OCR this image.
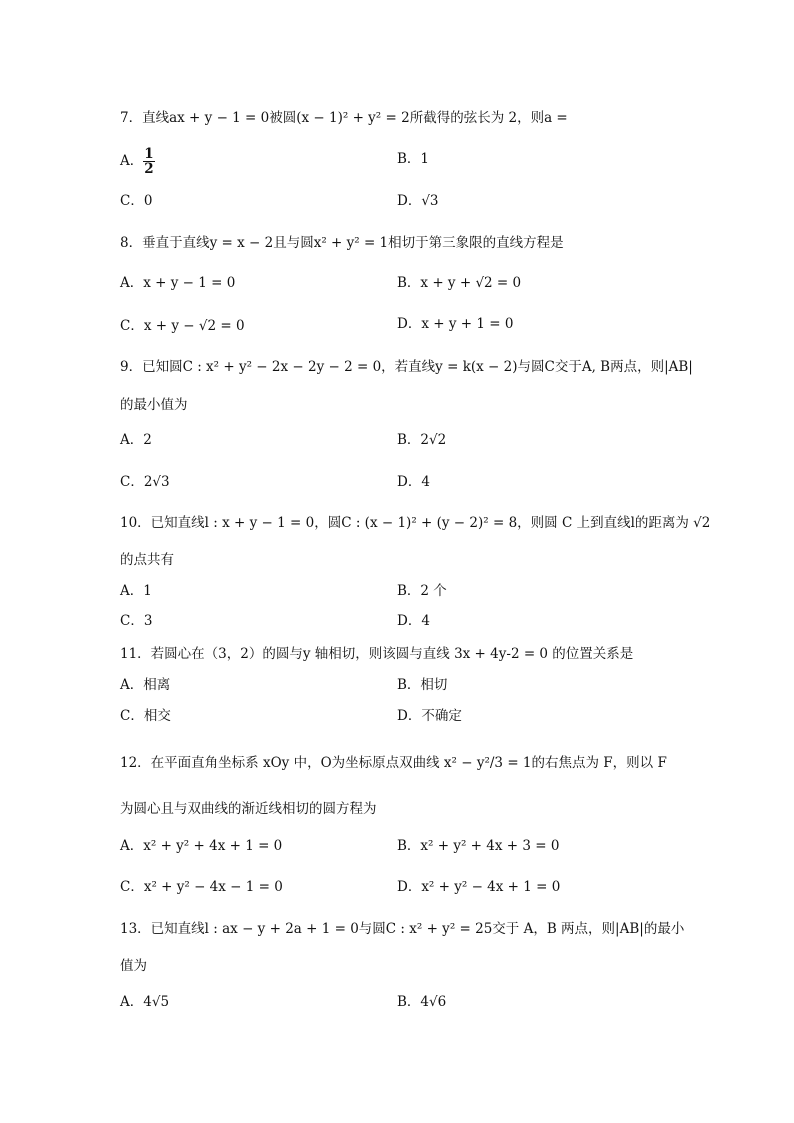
7．直线ax + y − 1 = 0被圆(x − 1)² + y² = 2所截得的弦长为 2，则a =
A． $\frac{1}{2}$	B．1
C．0	D．√3
8．垂直于直线y = x − 2且与圆x² + y² = 1相切于第三象限的直线方程是
A．x + y − 1 = 0	B．x + y + √2 = 0
C．x + y − √2 = 0	D．x + y + 1 = 0
9．已知圆C : x² + y² − 2x − 2y − 2 = 0，若直线y = k(x − 2)与圆C交于A, B两点，则|AB|
的最小值为
A．2	B．2√2
C．2√3	D．4
10．已知直线l : x + y − 1 = 0，圆C : (x − 1)² + (y − 2)² = 8，则圆 C 上到直线l的距离为 √2
的点共有
A．1	B．2 个
C．3	D．4
11．若圆心在（3，2）的圆与y 轴相切，则该圆与直线 3x + 4y-2 = 0 的位置关系是
A．相离	B．相切
C．相交	D．不确定
12．在平面直角坐标系 xOy 中，O为坐标原点双曲线 x² − y²/3 = 1的右焦点为 F，则以 F
为圆心且与双曲线的渐近线相切的圆方程为
A．x² + y² + 4x + 1 = 0	B．x² + y² + 4x + 3 = 0
C．x² + y² − 4x − 1 = 0	D．x² + y² − 4x + 1 = 0
13．已知直线l : ax − y + 2a + 1 = 0与圆C : x² + y² = 25交于 A，B 两点，则|AB|的最小
值为
A．4√5	B．4√6
